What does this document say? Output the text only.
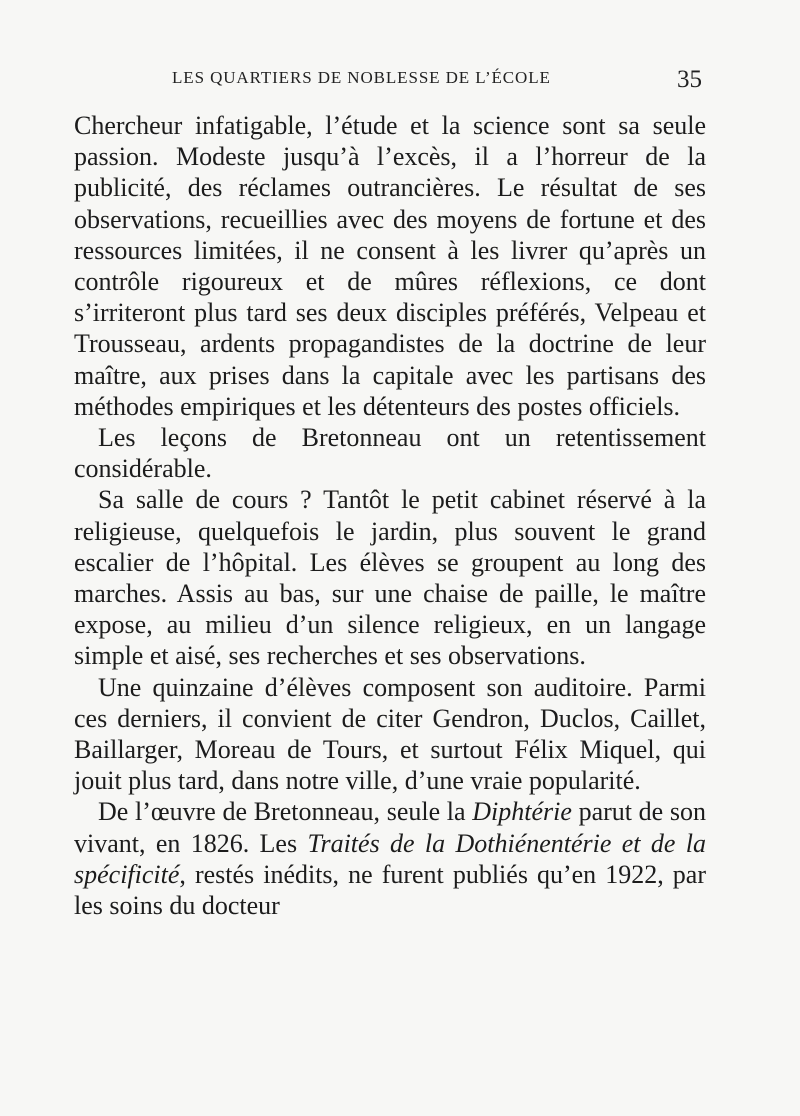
LES QUARTIERS DE NOBLESSE DE L’ÉCOLE	35

Chercheur infatigable, l’étude et la science sont sa seule passion. Modeste jusqu’à l’excès, il a l’horreur de la publicité, des réclames outrancières. Le résultat de ses observations, recueillies avec des moyens de fortune et des ressources limitées, il ne consent à les livrer qu’après un contrôle rigoureux et de mûres réflexions, ce dont s’irriteront plus tard ses deux disciples préférés, Velpeau et Trousseau, ardents propagandistes de la doctrine de leur maître, aux prises dans la capitale avec les partisans des méthodes empiriques et les détenteurs des postes officiels.

Les leçons de Bretonneau ont un retentissement considérable.

Sa salle de cours ? Tantôt le petit cabinet réservé à la religieuse, quelquefois le jardin, plus souvent le grand escalier de l’hôpital. Les élèves se groupent au long des marches. Assis au bas, sur une chaise de paille, le maître expose, au milieu d’un silence religieux, en un langage simple et aisé, ses recherches et ses observations.

Une quinzaine d’élèves composent son auditoire. Parmi ces derniers, il convient de citer Gendron, Duclos, Caillet, Baillarger, Moreau de Tours, et surtout Félix Miquel, qui jouit plus tard, dans notre ville, d’une vraie popularité.

De l’œuvre de Bretonneau, seule la Diphtérie parut de son vivant, en 1826. Les Traités de la Dothiénentérie et de la spécificité, restés inédits, ne furent publiés qu’en 1922, par les soins du docteur
